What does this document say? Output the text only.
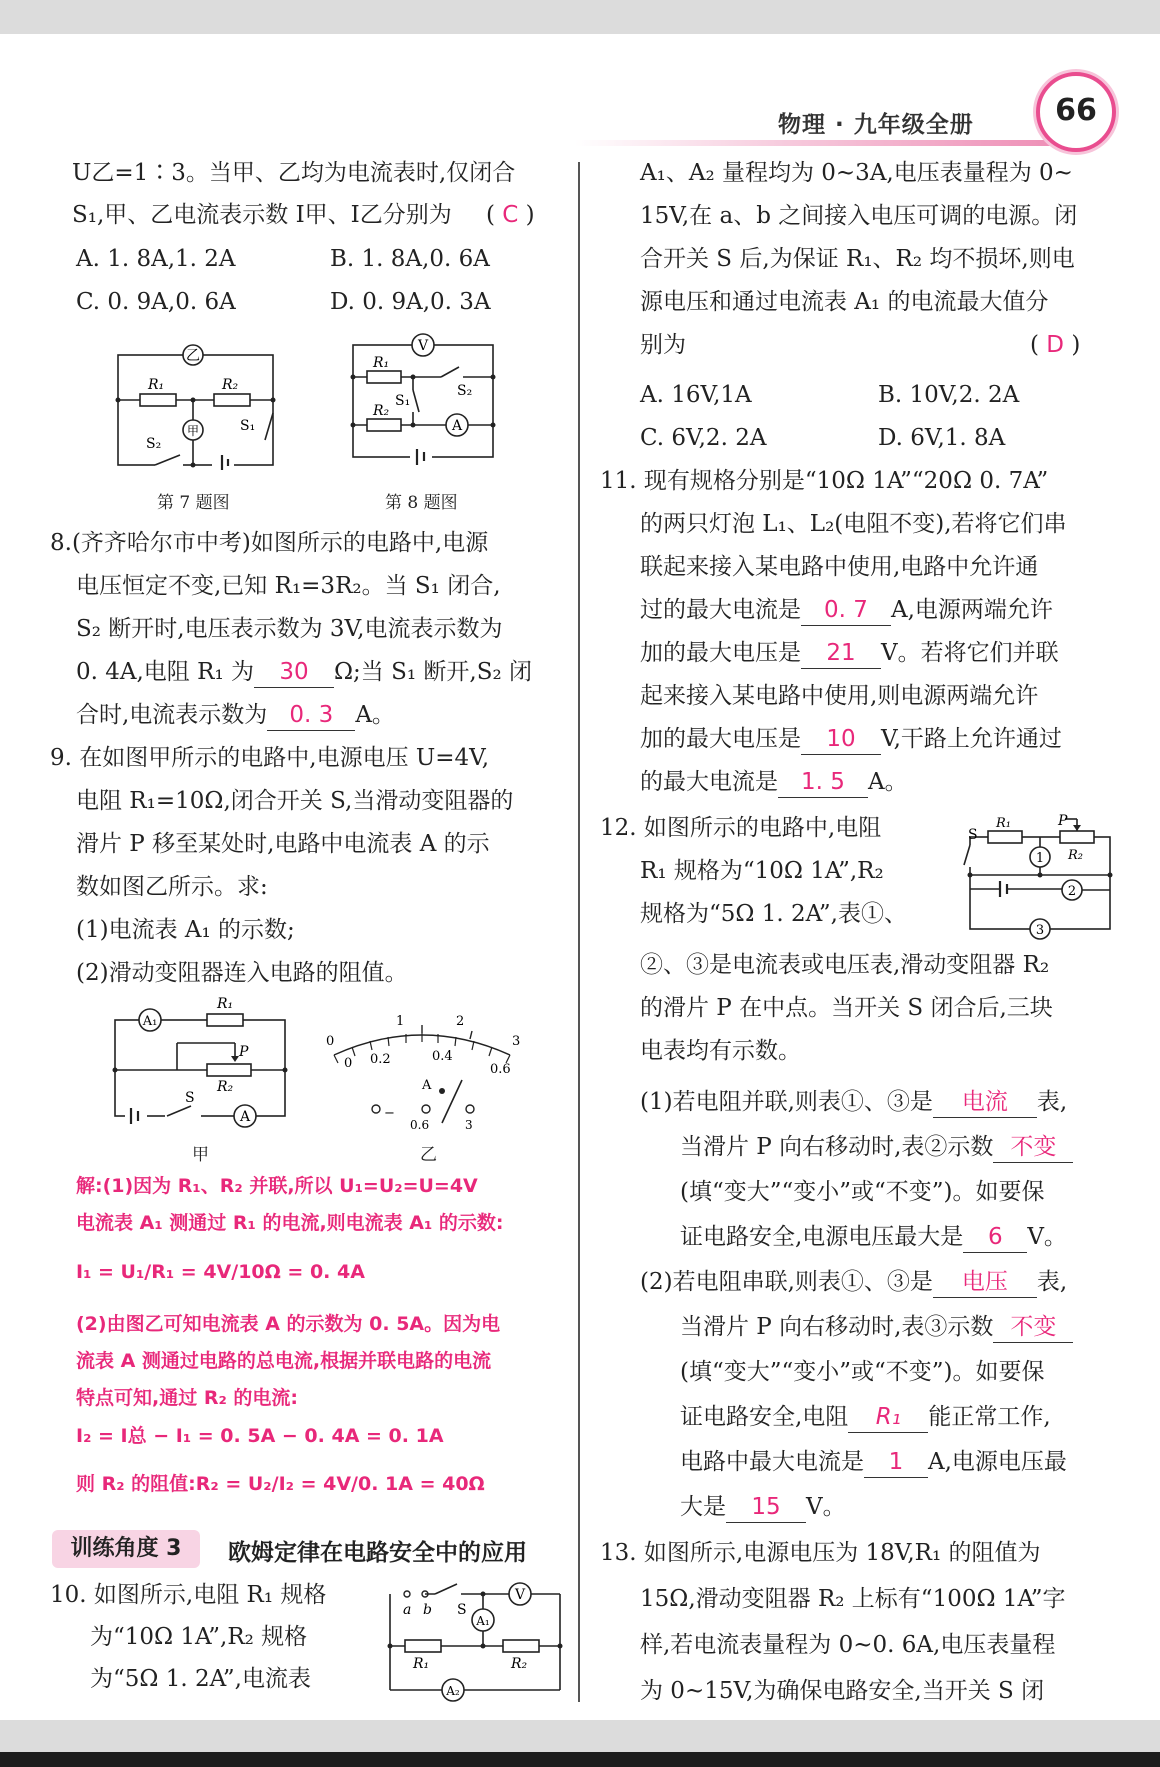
物理 · 九年级全册	66
U乙=1∶3。当甲、乙均为电流表时,仅闭合
S₁,甲、乙电流表示数 I甲、I乙分别为 ( C )
A. 1. 8A,1. 2A	B. 1. 8A,0. 6A
C. 0. 9A,0. 6A	D. 0. 9A,0. 3A
乙
甲
R₁	R₂
S₁
S₂
第 7 题图
V
A
R₁
R₂
S₁
S₂
第 8 题图
8.(齐齐哈尔市中考)如图所示的电路中,电源
电压恒定不变,已知 R₁=3R₂。当 S₁ 闭合,
S₂ 断开时,电压表示数为 3V,电流表示数为
0. 4A,电阻 R₁ 为 30 Ω;当 S₁ 断开,S₂ 闭
合时,电流表示数为 0. 3 A。
9. 在如图甲所示的电路中,电源电压 U=4V,
电阻 R₁=10Ω,闭合开关 S,当滑动变阻器的
滑片 P 移至某处时,电路中电流表 A 的示
数如图乙所示。求:
(1)电流表 A₁ 的示数;
(2)滑动变阻器连入电路的阻值。
A₁
A
R₁
R₂
P
S
甲
0 0.2	0.4
0.6
0
1	2
3
A
−
0.6	3
乙
解:(1)因为 R₁、R₂ 并联,所以 U₁=U₂=U=4V
电流表 A₁ 测通过 R₁ 的电流,则电流表 A₁ 的示数:
I₁ = U₁/R₁ = 4V/10Ω = 0. 4A
(2)由图乙可知电流表 A 的示数为 0. 5A。因为电
流表 A 测通过电路的总电流,根据并联电路的电流
特点可知,通过 R₂ 的电流:
I₂ = I总 − I₁ = 0. 5A − 0. 4A = 0. 1A
则 R₂ 的阻值:R₂ = U₂/I₂ = 4V/0. 1A = 40Ω
训练角度 3	欧姆定律在电路安全中的应用
10. 如图所示,电阻 R₁ 规格
为“10Ω 1A”,R₂ 规格
为“5Ω 1. 2A”,电流表
a b S
V
A₁
A₂
R₁	R₂
A₁、A₂ 量程均为 0~3A,电压表量程为 0~
15V,在 a、b 之间接入电压可调的电源。闭
合开关 S 后,为保证 R₁、R₂ 均不损坏,则电
源电压和通过电流表 A₁ 的电流最大值分
别为	( D )
A. 16V,1A	B. 10V,2. 2A
C. 6V,2. 2A	D. 6V,1. 8A
11. 现有规格分别是“10Ω 1A”“20Ω 0. 7A”
的两只灯泡 L₁、L₂(电阻不变),若将它们串
联起来接入某电路中使用,电路中允许通
过的最大电流是 0. 7 A,电源两端允许
加的最大电压是 21 V。若将它们并联
起来接入某电路中使用,则电源两端允许
加的最大电压是 10 V,干路上允许通过
的最大电流是 1. 5 A。
12. 如图所示的电路中,电阻
R₁ 规格为“10Ω 1A”,R₂
规格为“5Ω 1. 2A”,表①、
P
S
R₁
R₂
1
2
3
②、③是电流表或电压表,滑动变阻器 R₂
的滑片 P 在中点。当开关 S 闭合后,三块
电表均有示数。
(1)若电阻并联,则表①、③是 电流 表,
当滑片 P 向右移动时,表②示数 不变
(填“变大”“变小”或“不变”)。如要保
证电路安全,电源电压最大是 6 V。
(2)若电阻串联,则表①、③是 电压 表,
当滑片 P 向右移动时,表③示数 不变
(填“变大”“变小”或“不变”)。如要保
证电路安全,电阻 R₁ 能正常工作,
电路中最大电流是 1 A,电源电压最
大是 15 V。
13. 如图所示,电源电压为 18V,R₁ 的阻值为
15Ω,滑动变阻器 R₂ 上标有“100Ω 1A”字
样,若电流表量程为 0~0. 6A,电压表量程
为 0~15V,为确保电路安全,当开关 S 闭
